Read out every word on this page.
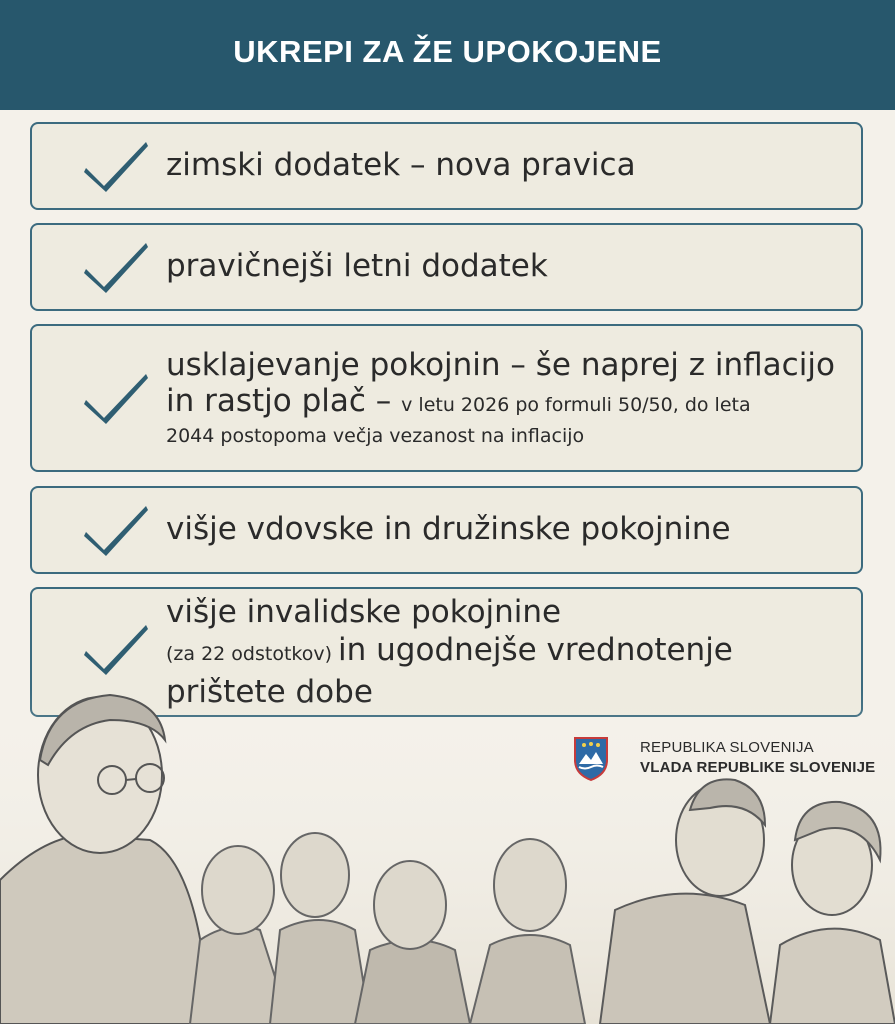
UKREPI ZA ŽE UPOKOJENE
zimski dodatek – nova pravica
pravičnejši letni dodatek
usklajevanje pokojnin – še naprej z inflacijo
in rastjo plač – v letu 2026 po formuli 50/50, do leta
2044 postopoma večja vezanost na inflacijo
višje vdovske in družinske pokojnine
višje invalidske pokojnine
(za 22 odstotkov) in ugodnejše vrednotenje
REPUBLIKA SLOVENIJA
VLADA REPUBLIKE SLOVENIJE
